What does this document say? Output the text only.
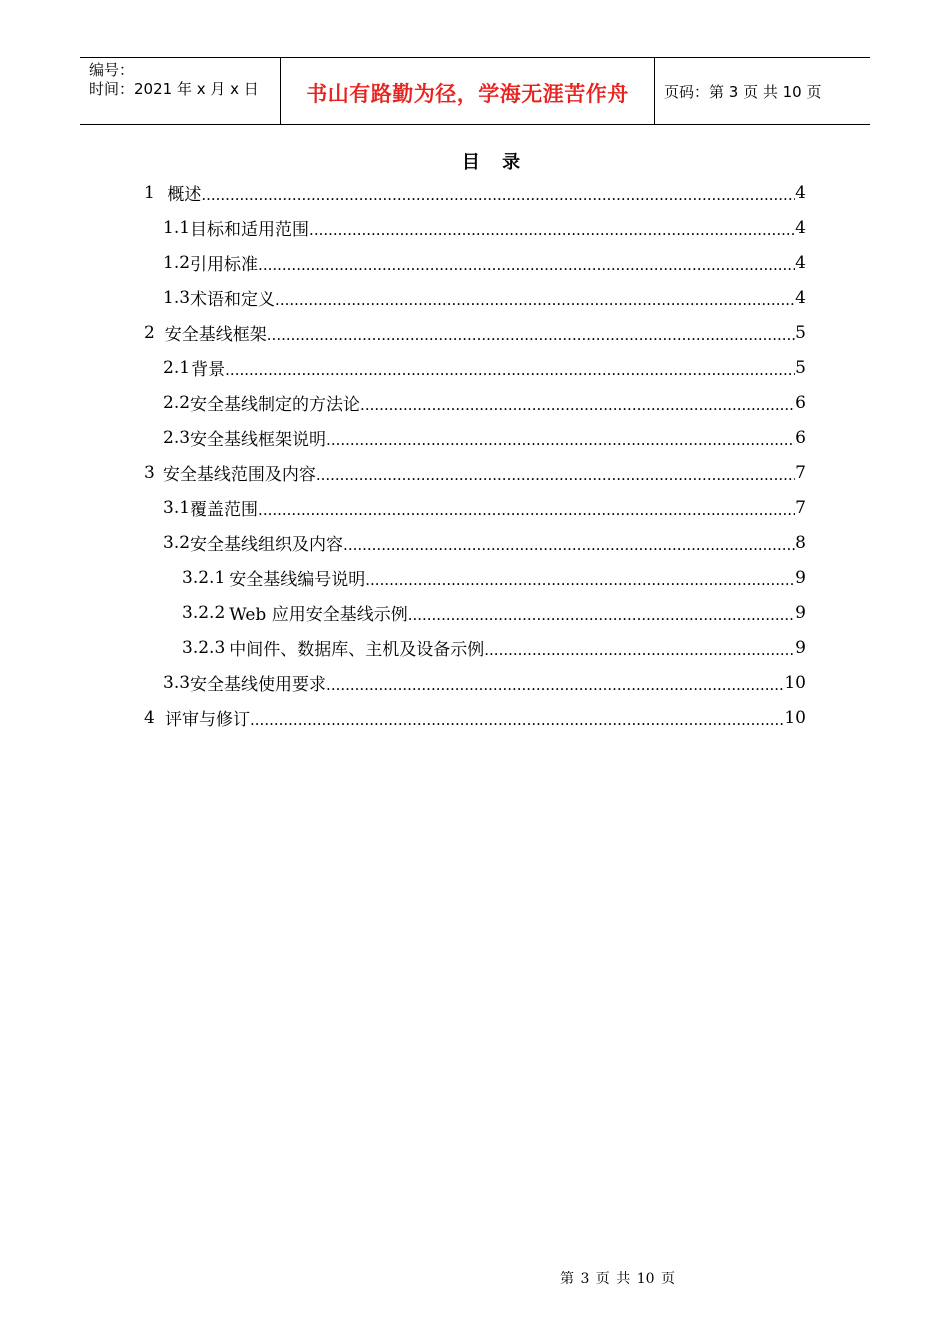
编号：
时间：2021 年 x 月 x 日	书山有路勤为径，学海无涯苦作舟	页码：第 3 页 共 10 页
目 录
1 概述 .....	4
1.1 目标和适用范围 .....	4
1.2 引用标准 .....	4
1.3 术语和定义 .....	4
2 安全基线框架 .....	5
2.1 背景 .....	5
2.2 安全基线制定的方法论 .....	6
2.3 安全基线框架说明 .....	6
3 安全基线范围及内容 .....	7
3.1 覆盖范围 .....	7
3.2 安全基线组织及内容 .....	8
3.2.1 安全基线编号说明 .....	9
3.2.2 Web 应用安全基线示例 .....	9
3.2.3 中间件、数据库、主机及设备示例 .....	9
3.3 安全基线使用要求 .....	10
4 评审与修订 .....	10
第 3 页 共 10 页
